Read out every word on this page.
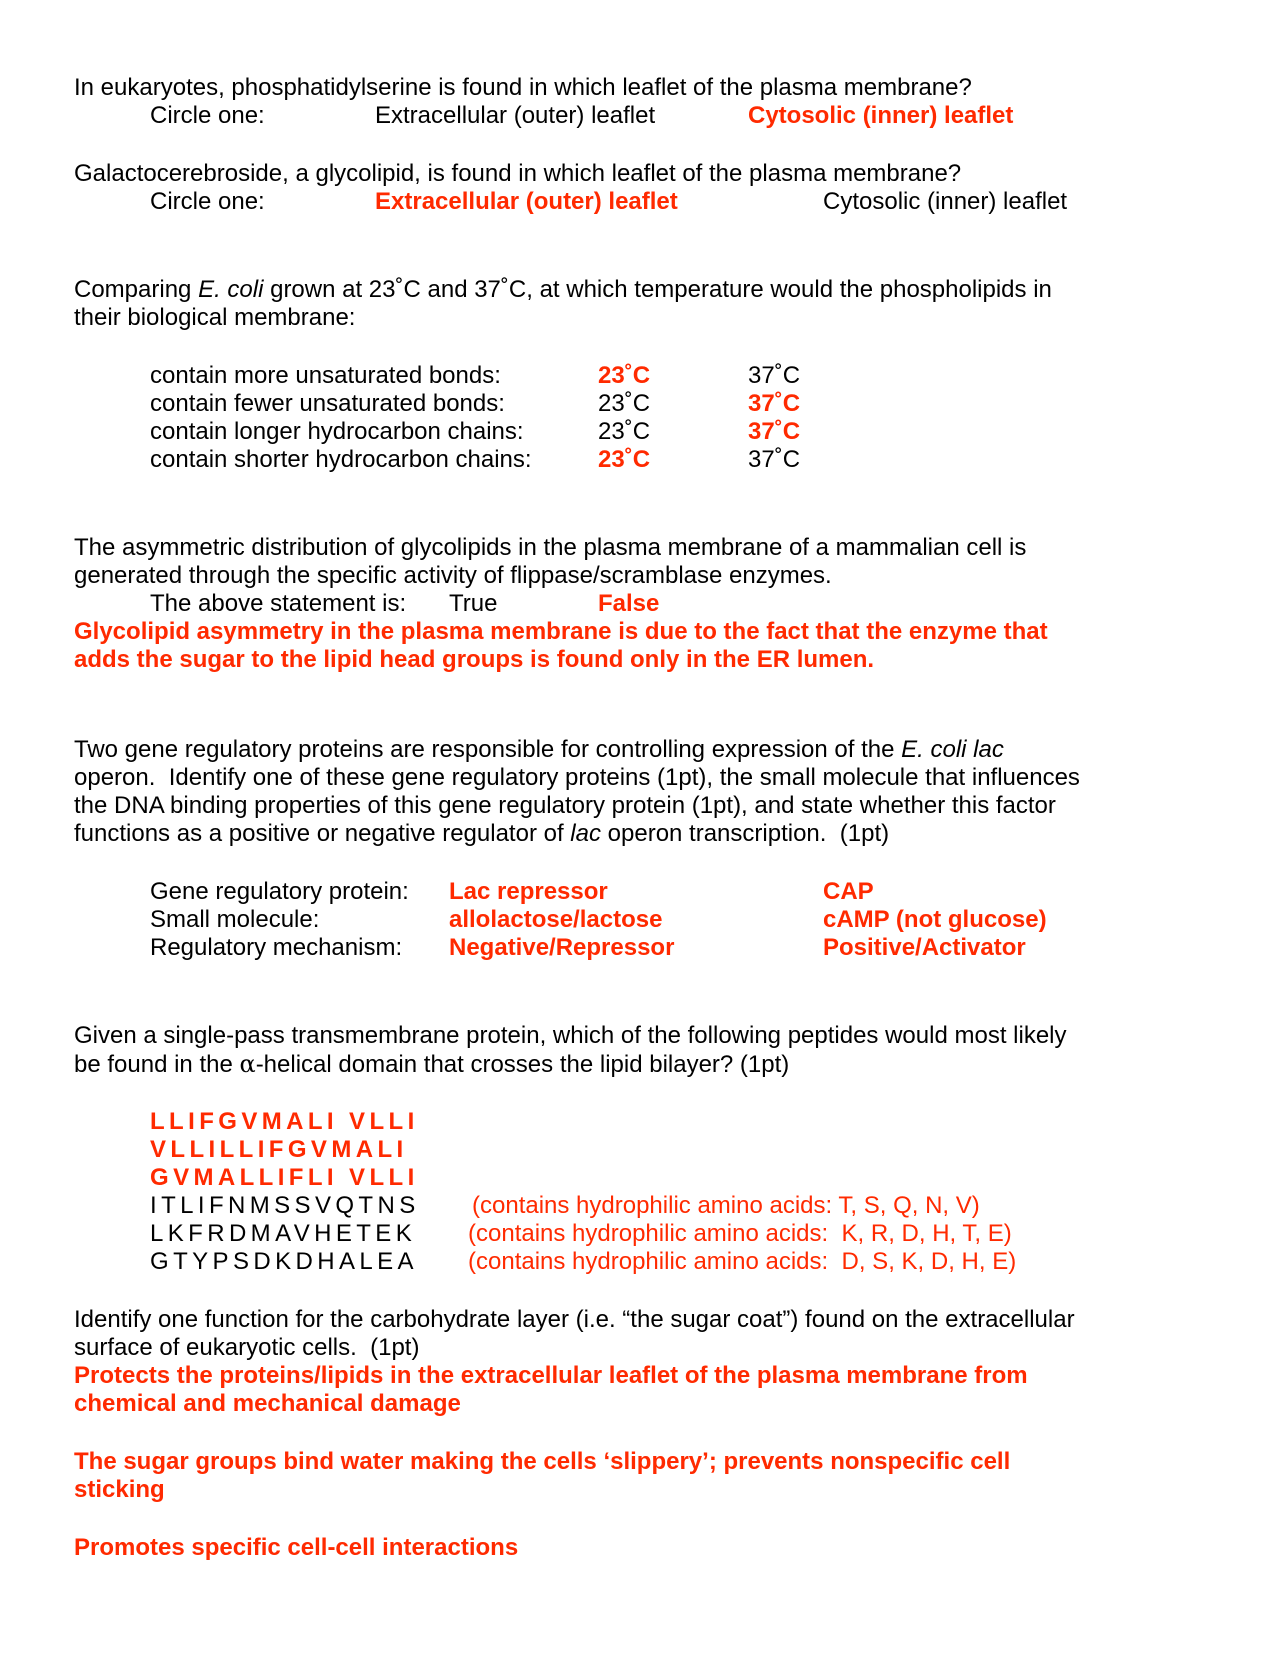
In eukaryotes, phosphatidylserine is found in which leaflet of the plasma membrane?
Circle one:	Extracellular (outer) leaflet	Cytosolic (inner) leaflet
Galactocerebroside, a glycolipid, is found in which leaflet of the plasma membrane?
Circle one:	Extracellular (outer) leaflet	Cytosolic (inner) leaflet
Comparing E. coli grown at 23˚C and 37˚C, at which temperature would the phospholipids in
their biological membrane:
contain more unsaturated bonds:	23˚C	37˚C
contain fewer unsaturated bonds:	23˚C	37˚C
contain longer hydrocarbon chains:	23˚C	37˚C
contain shorter hydrocarbon chains:	23˚C	37˚C
The asymmetric distribution of glycolipids in the plasma membrane of a mammalian cell is
generated through the specific activity of flippase/scramblase enzymes.
The above statement is: True	False
Glycolipid asymmetry in the plasma membrane is due to the fact that the enzyme that
adds the sugar to the lipid head groups is found only in the ER lumen.
Two gene regulatory proteins are responsible for controlling expression of the E. coli lac
operon.  Identify one of these gene regulatory proteins (1pt), the small molecule that influences
the DNA binding properties of this gene regulatory protein (1pt), and state whether this factor
functions as a positive or negative regulator of lac operon transcription.  (1pt)
Gene regulatory protein: Lac repressor	CAP
Small molecule:	allolactose/lactose	cAMP (not glucose)
Regulatory mechanism: Negative/Repressor	Positive/Activator
Given a single-pass transmembrane protein, which of the following peptides would most likely
be found in the α-helical domain that crosses the lipid bilayer? (1pt)
LLIFGVMALI VLLI
VLLILLIFGVMALI
GVMALLIFLI VLLI
ITLIFNMSSVQTNS (contains hydrophilic amino acids: T, S, Q, N, V)
LKFRDMAVHETEK (contains hydrophilic amino acids:  K, R, D, H, T, E)
GTYPSDKDHALEA (contains hydrophilic amino acids:  D, S, K, D, H, E)
Identify one function for the carbohydrate layer (i.e. “the sugar coat”) found on the extracellular
surface of eukaryotic cells.  (1pt)
Protects the proteins/lipids in the extracellular leaflet of the plasma membrane from
chemical and mechanical damage
The sugar groups bind water making the cells ‘slippery’; prevents nonspecific cell
sticking
Promotes specific cell-cell interactions
